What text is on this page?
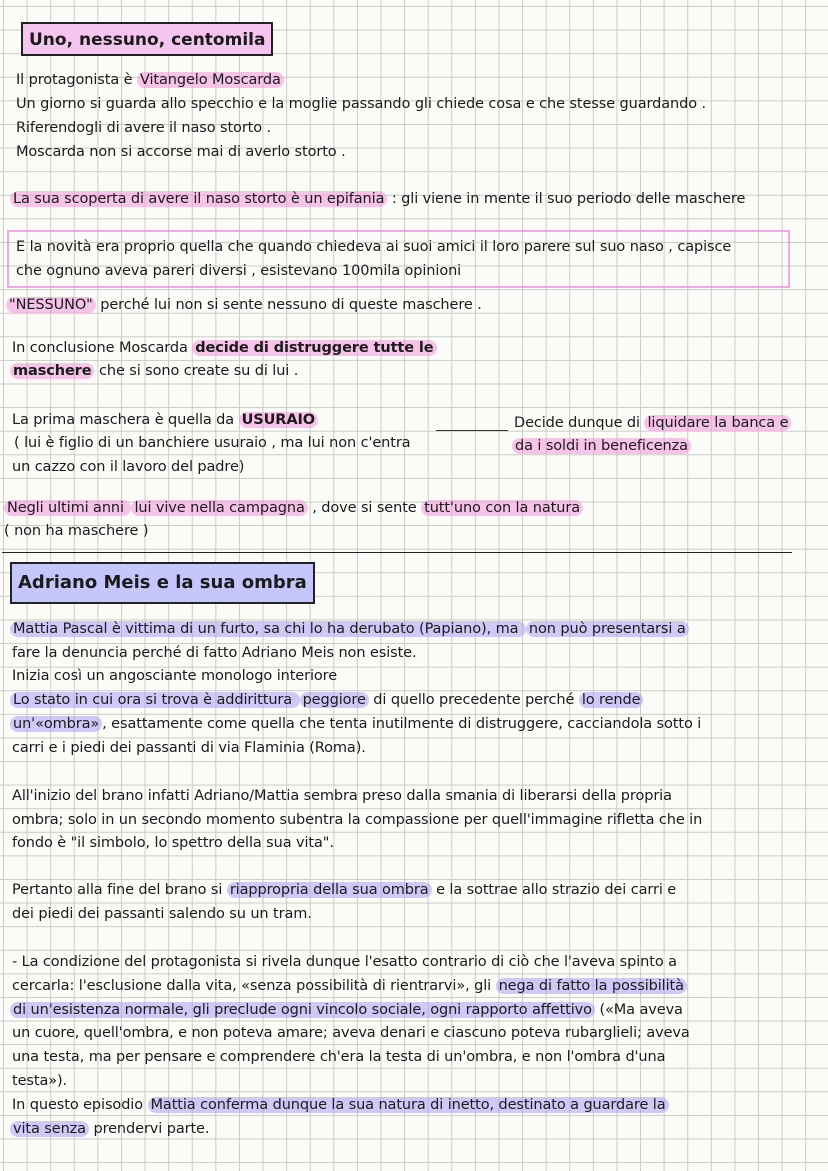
Uno, nessuno, centomila
Il protagonista è Vitangelo Moscarda
Un giorno si guarda allo specchio e la moglie passando gli chiede cosa e che stesse guardando .
Riferendogli di avere il naso storto .
Moscarda non si accorse mai di averlo storto .
La sua scoperta di avere il naso storto è un epifania : gli viene in mente il suo periodo delle maschere
E la novità era proprio quella che quando chiedeva ai suoi amici il loro parere sul suo naso , capisce
che ognuno aveva pareri diversi , esistevano 100mila opinioni
"NESSUNO" perché lui non si sente nessuno di queste maschere .
In conclusione Moscarda decide di distruggere tutte le
maschere che si sono create su di lui .
La prima maschera è quella da USURAIO
( lui è figlio di un banchiere usuraio , ma lui non c'entra
un cazzo con il lavoro del padre)
Decide dunque di liquidare la banca e
da i soldi in beneficenza
Negli ultimi anni lui vive nella campagna , dove si sente tutt'uno con la natura
( non ha maschere )
Adriano Meis e la sua ombra
Mattia Pascal è vittima di un furto, sa chi lo ha derubato (Papiano), ma non può presentarsi a
fare la denuncia perché di fatto Adriano Meis non esiste.
Inizia così un angosciante monologo interiore
Lo stato in cui ora si trova è addirittura peggiore di quello precedente perché lo rende
un'«ombra» , esattamente come quella che tenta inutilmente di distruggere, cacciandola sotto i
carri e i piedi dei passanti di via Flaminia (Roma).
All'inizio del brano infatti Adriano/Mattia sembra preso dalla smania di liberarsi della propria
ombra; solo in un secondo momento subentra la compassione per quell'immagine rifletta che in
fondo è "il simbolo, lo spettro della sua vita".
Pertanto alla fine del brano si riappropria della sua ombra e la sottrae allo strazio dei carri e
dei piedi dei passanti salendo su un tram.
- La condizione del protagonista si rivela dunque l'esatto contrario di ciò che l'aveva spinto a
cercarla: l'esclusione dalla vita, «senza possibilità di rientrarvi», gli nega di fatto la possibilità
di un'esistenza normale, gli preclude ogni vincolo sociale, ogni rapporto affettivo («Ma aveva
un cuore, quell'ombra, e non poteva amare; aveva denari e ciascuno poteva rubarglieli; aveva
una testa, ma per pensare e comprendere ch'era la testa di un'ombra, e non l'ombra d'una
testa»).
In questo episodio Mattia conferma dunque la sua natura di inetto, destinato a guardare la
vita senza prendervi parte.
